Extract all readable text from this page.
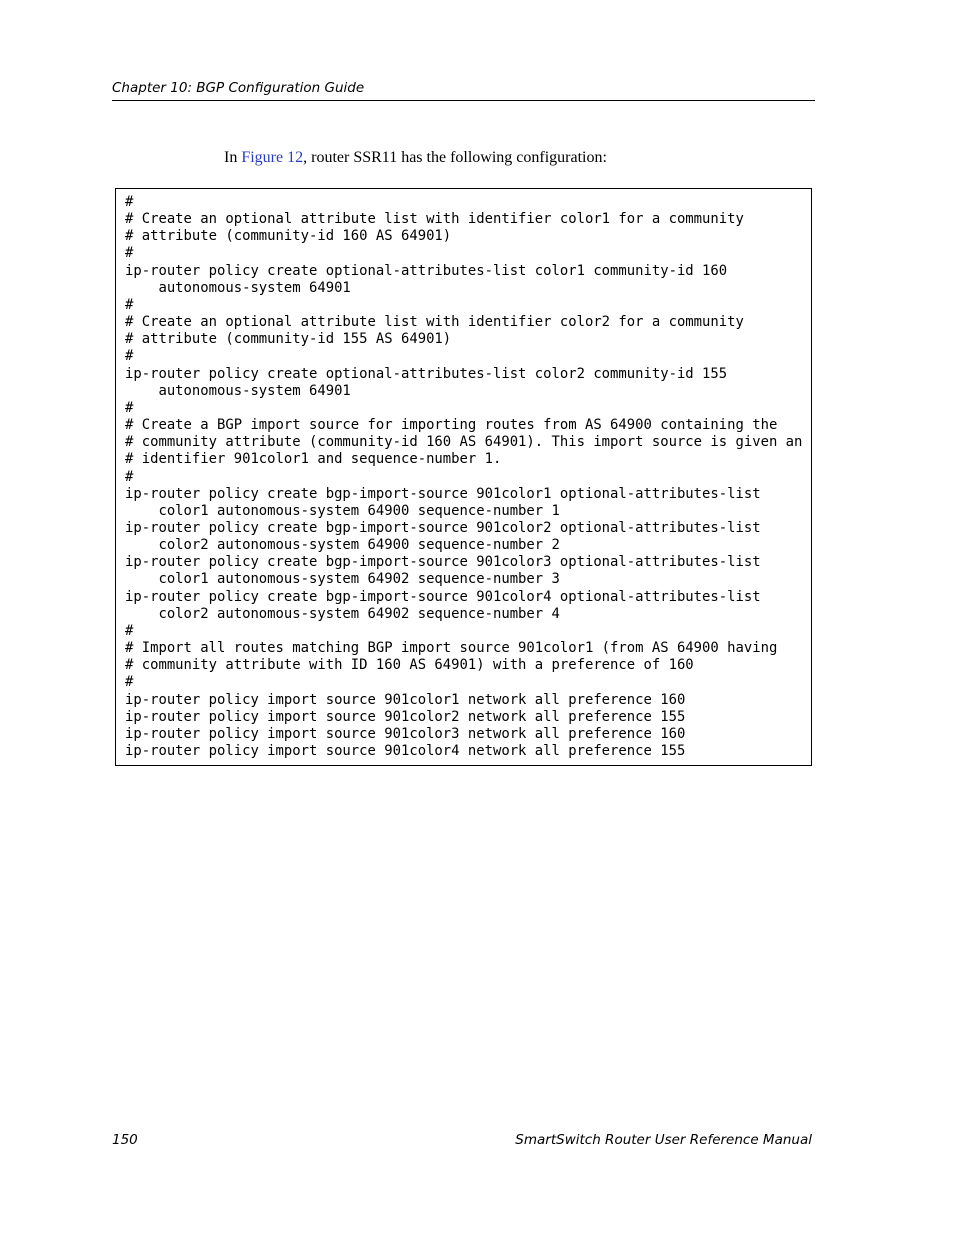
Chapter 10: BGP Configuration Guide

In Figure 12, router SSR11 has the following configuration:

#
# Create an optional attribute list with identifier color1 for a community
# attribute (community-id 160 AS 64901)
#
ip-router policy create optional-attributes-list color1 community-id 160
autonomous-system 64901
#
# Create an optional attribute list with identifier color2 for a community
# attribute (community-id 155 AS 64901)
#
ip-router policy create optional-attributes-list color2 community-id 155
autonomous-system 64901
#
# Create a BGP import source for importing routes from AS 64900 containing the
# community attribute (community-id 160 AS 64901). This import source is given an
# identifier 901color1 and sequence-number 1.
#
ip-router policy create bgp-import-source 901color1 optional-attributes-list
color1 autonomous-system 64900 sequence-number 1
ip-router policy create bgp-import-source 901color2 optional-attributes-list
color2 autonomous-system 64900 sequence-number 2
ip-router policy create bgp-import-source 901color3 optional-attributes-list
color1 autonomous-system 64902 sequence-number 3
ip-router policy create bgp-import-source 901color4 optional-attributes-list
color2 autonomous-system 64902 sequence-number 4
#
# Import all routes matching BGP import source 901color1 (from AS 64900 having
# community attribute with ID 160 AS 64901) with a preference of 160
#
ip-router policy import source 901color1 network all preference 160
ip-router policy import source 901color2 network all preference 155
ip-router policy import source 901color3 network all preference 160
ip-router policy import source 901color4 network all preference 155
150	SmartSwitch Router User Reference Manual
